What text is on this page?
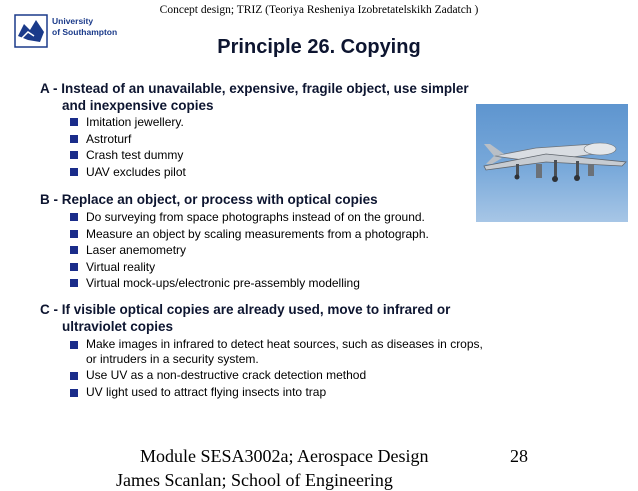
Concept design; TRIZ (Teoriya Resheniya Izobretatelskikh Zadatch )
University
of Southampton
Principle 26. Copying
A - Instead of an unavailable, expensive, fragile object, use simpler
and inexpensive copies
Imitation jewellery.
Astroturf
Crash test dummy
UAV excludes pilot
B - Replace an object, or process with optical copies
Do surveying from space photographs instead of on the ground.
Measure an object by scaling measurements from a photograph.
Laser anemometry
Virtual reality
Virtual mock-ups/electronic pre-assembly modelling
C - If visible optical copies are already used, move to infrared or
ultraviolet copies
Make images in infrared to detect heat sources, such as diseases in crops,
or intruders in a security system.
Use UV as a non-destructive crack detection method
UV light used to attract flying insects into trap
Module SESA3002a; Aerospace Design	28
James Scanlan; School of Engineering
